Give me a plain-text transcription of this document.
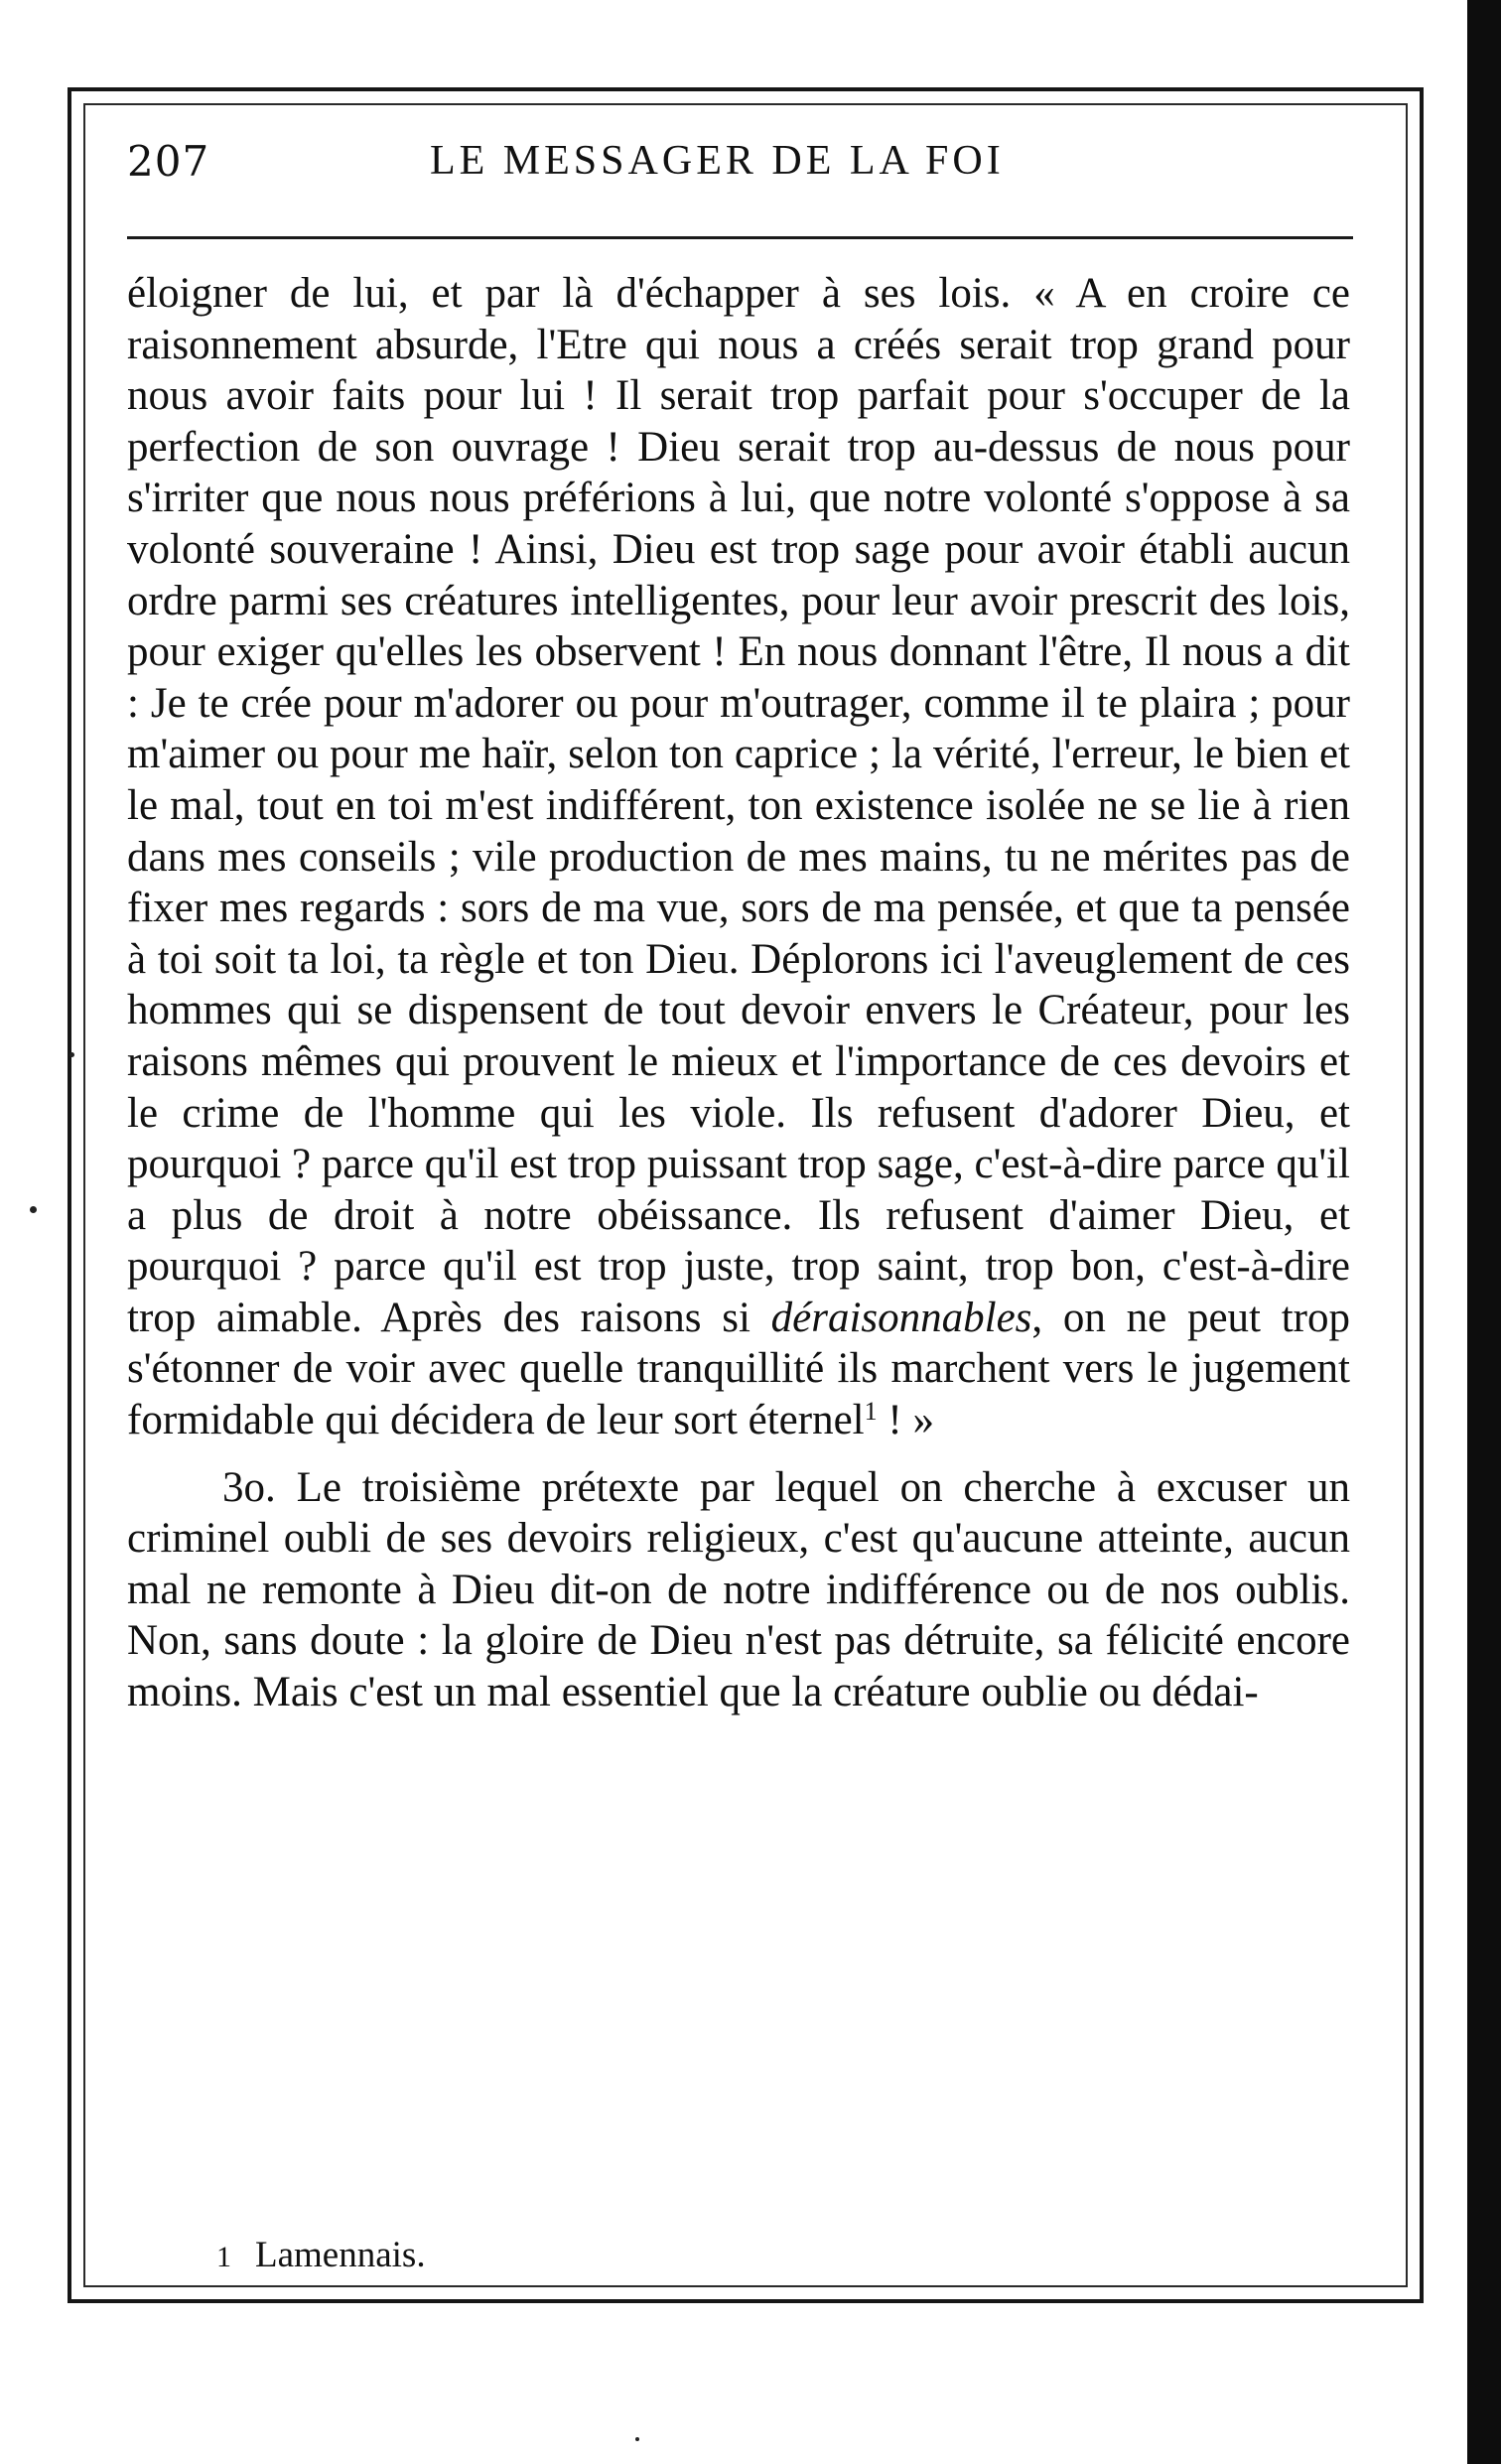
207	LE MESSAGER DE LA FOI

éloigner de lui, et par là d'échapper à ses lois. « A en croire ce raisonnement absurde, l'Etre qui nous a créés serait trop grand pour nous avoir faits pour lui ! Il serait trop parfait pour s'occuper de la perfection de son ouvrage ! Dieu serait trop au-dessus de nous pour s'irriter que nous nous préférions à lui, que notre volonté s'oppose à sa volonté souveraine ! Ainsi, Dieu est trop sage pour avoir établi aucun ordre parmi ses créatures intelligentes, pour leur avoir prescrit des lois, pour exiger qu'elles les observent ! En nous donnant l'être, Il nous a dit : Je te crée pour m'adorer ou pour m'outrager, comme il te plaira ; pour m'aimer ou pour me haïr, selon ton caprice ; la vérité, l'erreur, le bien et le mal, tout en toi m'est indifférent, ton existence isolée ne se lie à rien dans mes conseils ; vile production de mes mains, tu ne mérites pas de fixer mes regards : sors de ma vue, sors de ma pensée, et que ta pensée à toi soit ta loi, ta règle et ton Dieu. Déplorons ici l'aveuglement de ces hommes qui se dispensent de tout devoir envers le Créateur, pour les raisons mêmes qui prouvent le mieux et l'importance de ces devoirs et le crime de l'homme qui les viole. Ils refusent d'adorer Dieu, et pourquoi ? parce qu'il est trop puissant trop sage, c'est-à-dire parce qu'il a plus de droit à notre obéissance. Ils refusent d'aimer Dieu, et pourquoi ? parce qu'il est trop juste, trop saint, trop bon, c'est-à-dire trop aimable. Après des raisons si déraisonnables, on ne peut trop s'étonner de voir avec quelle tranquillité ils marchent vers le jugement formidable qui décidera de leur sort éternel$^1$ ! »

3o. Le troisième prétexte par lequel on cherche à excuser un criminel oubli de ses devoirs religieux, c'est qu'aucune atteinte, aucun mal ne remonte à Dieu dit-on de notre indifférence ou de nos oublis. Non, sans doute : la gloire de Dieu n'est pas détruite, sa félicité encore moins. Mais c'est un mal essentiel que la créature oublie ou dédai-

1 Lamennais.
